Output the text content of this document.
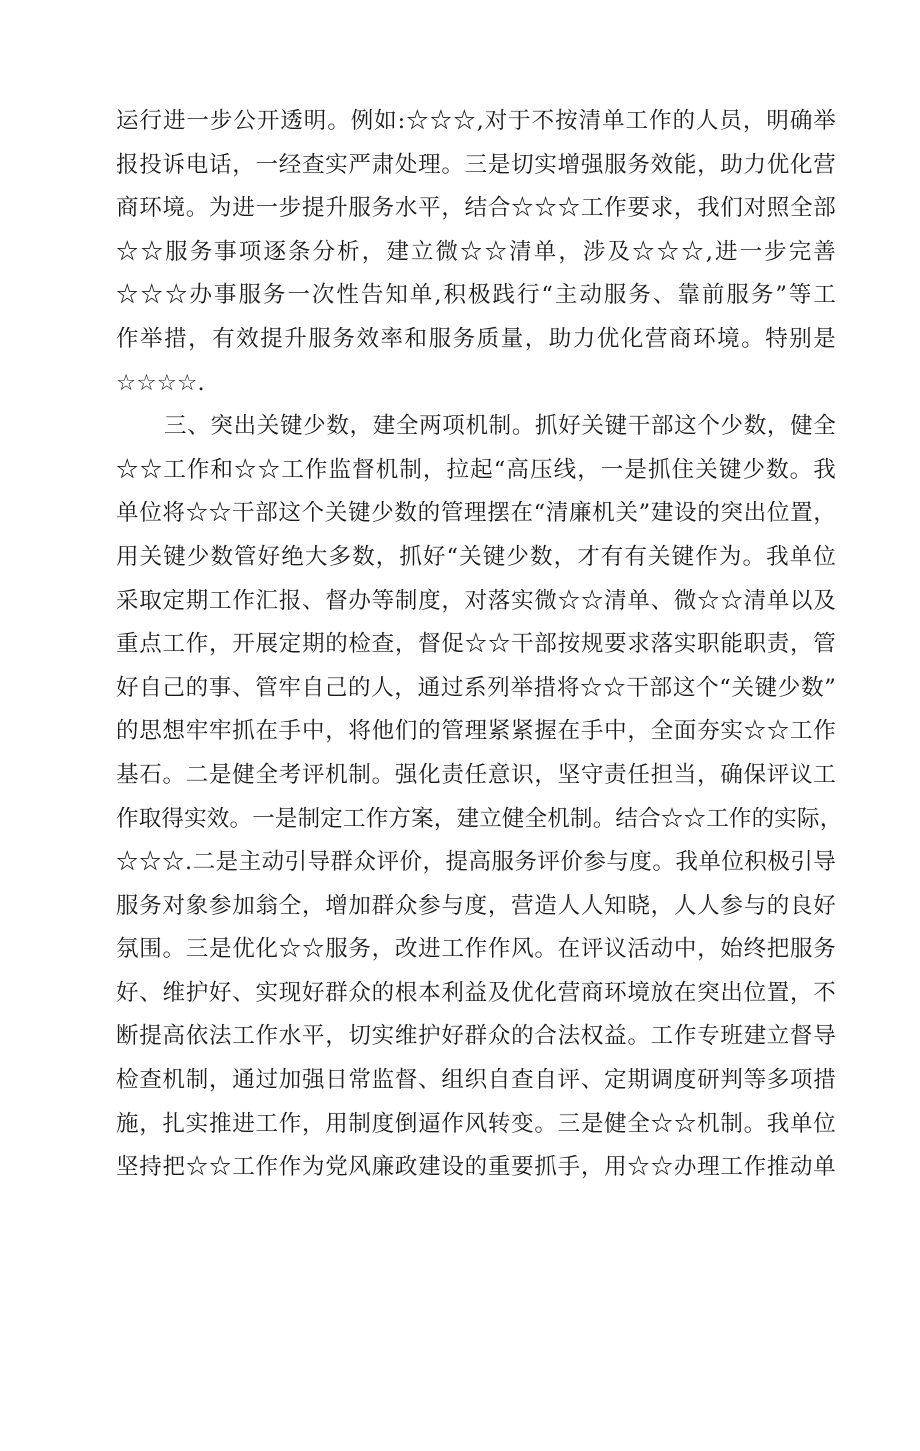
运行进一步公开透明。例如:☆☆☆,对于不按清单工作的人员，明确举
报投诉电话，一经查实严肃处理。三是切实增强服务效能，助力优化营
商环境。为进一步提升服务水平，结合☆☆☆工作要求，我们对照全部
☆☆服务事项逐条分析，建立微☆☆清单，涉及☆☆☆,进一步完善
☆☆☆办事服务一次性告知单,积极践行“主动服务、靠前服务”等工
作举措，有效提升服务效率和服务质量，助力优化营商环境。特别是
☆☆☆☆.
三、突出关键少数，建全两项机制。抓好关键干部这个少数，健全
☆☆工作和☆☆工作监督机制，拉起“高压线，一是抓住关键少数。我
单位将☆☆干部这个关键少数的管理摆在“清廉机关”建设的突出位置，
用关键少数管好绝大多数，抓好“关键少数，才有有关键作为。我单位
采取定期工作汇报、督办等制度，对落实微☆☆清单、微☆☆清单以及
重点工作，开展定期的检查，督促☆☆干部按规要求落实职能职责，管
好自己的事、管牢自己的人，通过系列举措将☆☆干部这个“关键少数”
的思想牢牢抓在手中，将他们的管理紧紧握在手中，全面夯实☆☆工作
基石。二是健全考评机制。强化责任意识，坚守责任担当，确保评议工
作取得实效。一是制定工作方案，建立健全机制。结合☆☆工作的实际，
☆☆☆.二是主动引导群众评价，提高服务评价参与度。我单位积极引导
服务对象参加翁仝，增加群众参与度，营造人人知晓，人人参与的良好
氛围。三是优化☆☆服务，改进工作作风。在评议活动中，始终把服务
好、维护好、实现好群众的根本利益及优化营商环境放在突出位置，不
断提高依法工作水平，切实维护好群众的合法权益。工作专班建立督导
检查机制，通过加强日常监督、组织自查自评、定期调度研判等多项措
施，扎实推进工作，用制度倒逼作风转变。三是健全☆☆机制。我单位
坚持把☆☆工作作为党风廉政建设的重要抓手，用☆☆办理工作推动单
